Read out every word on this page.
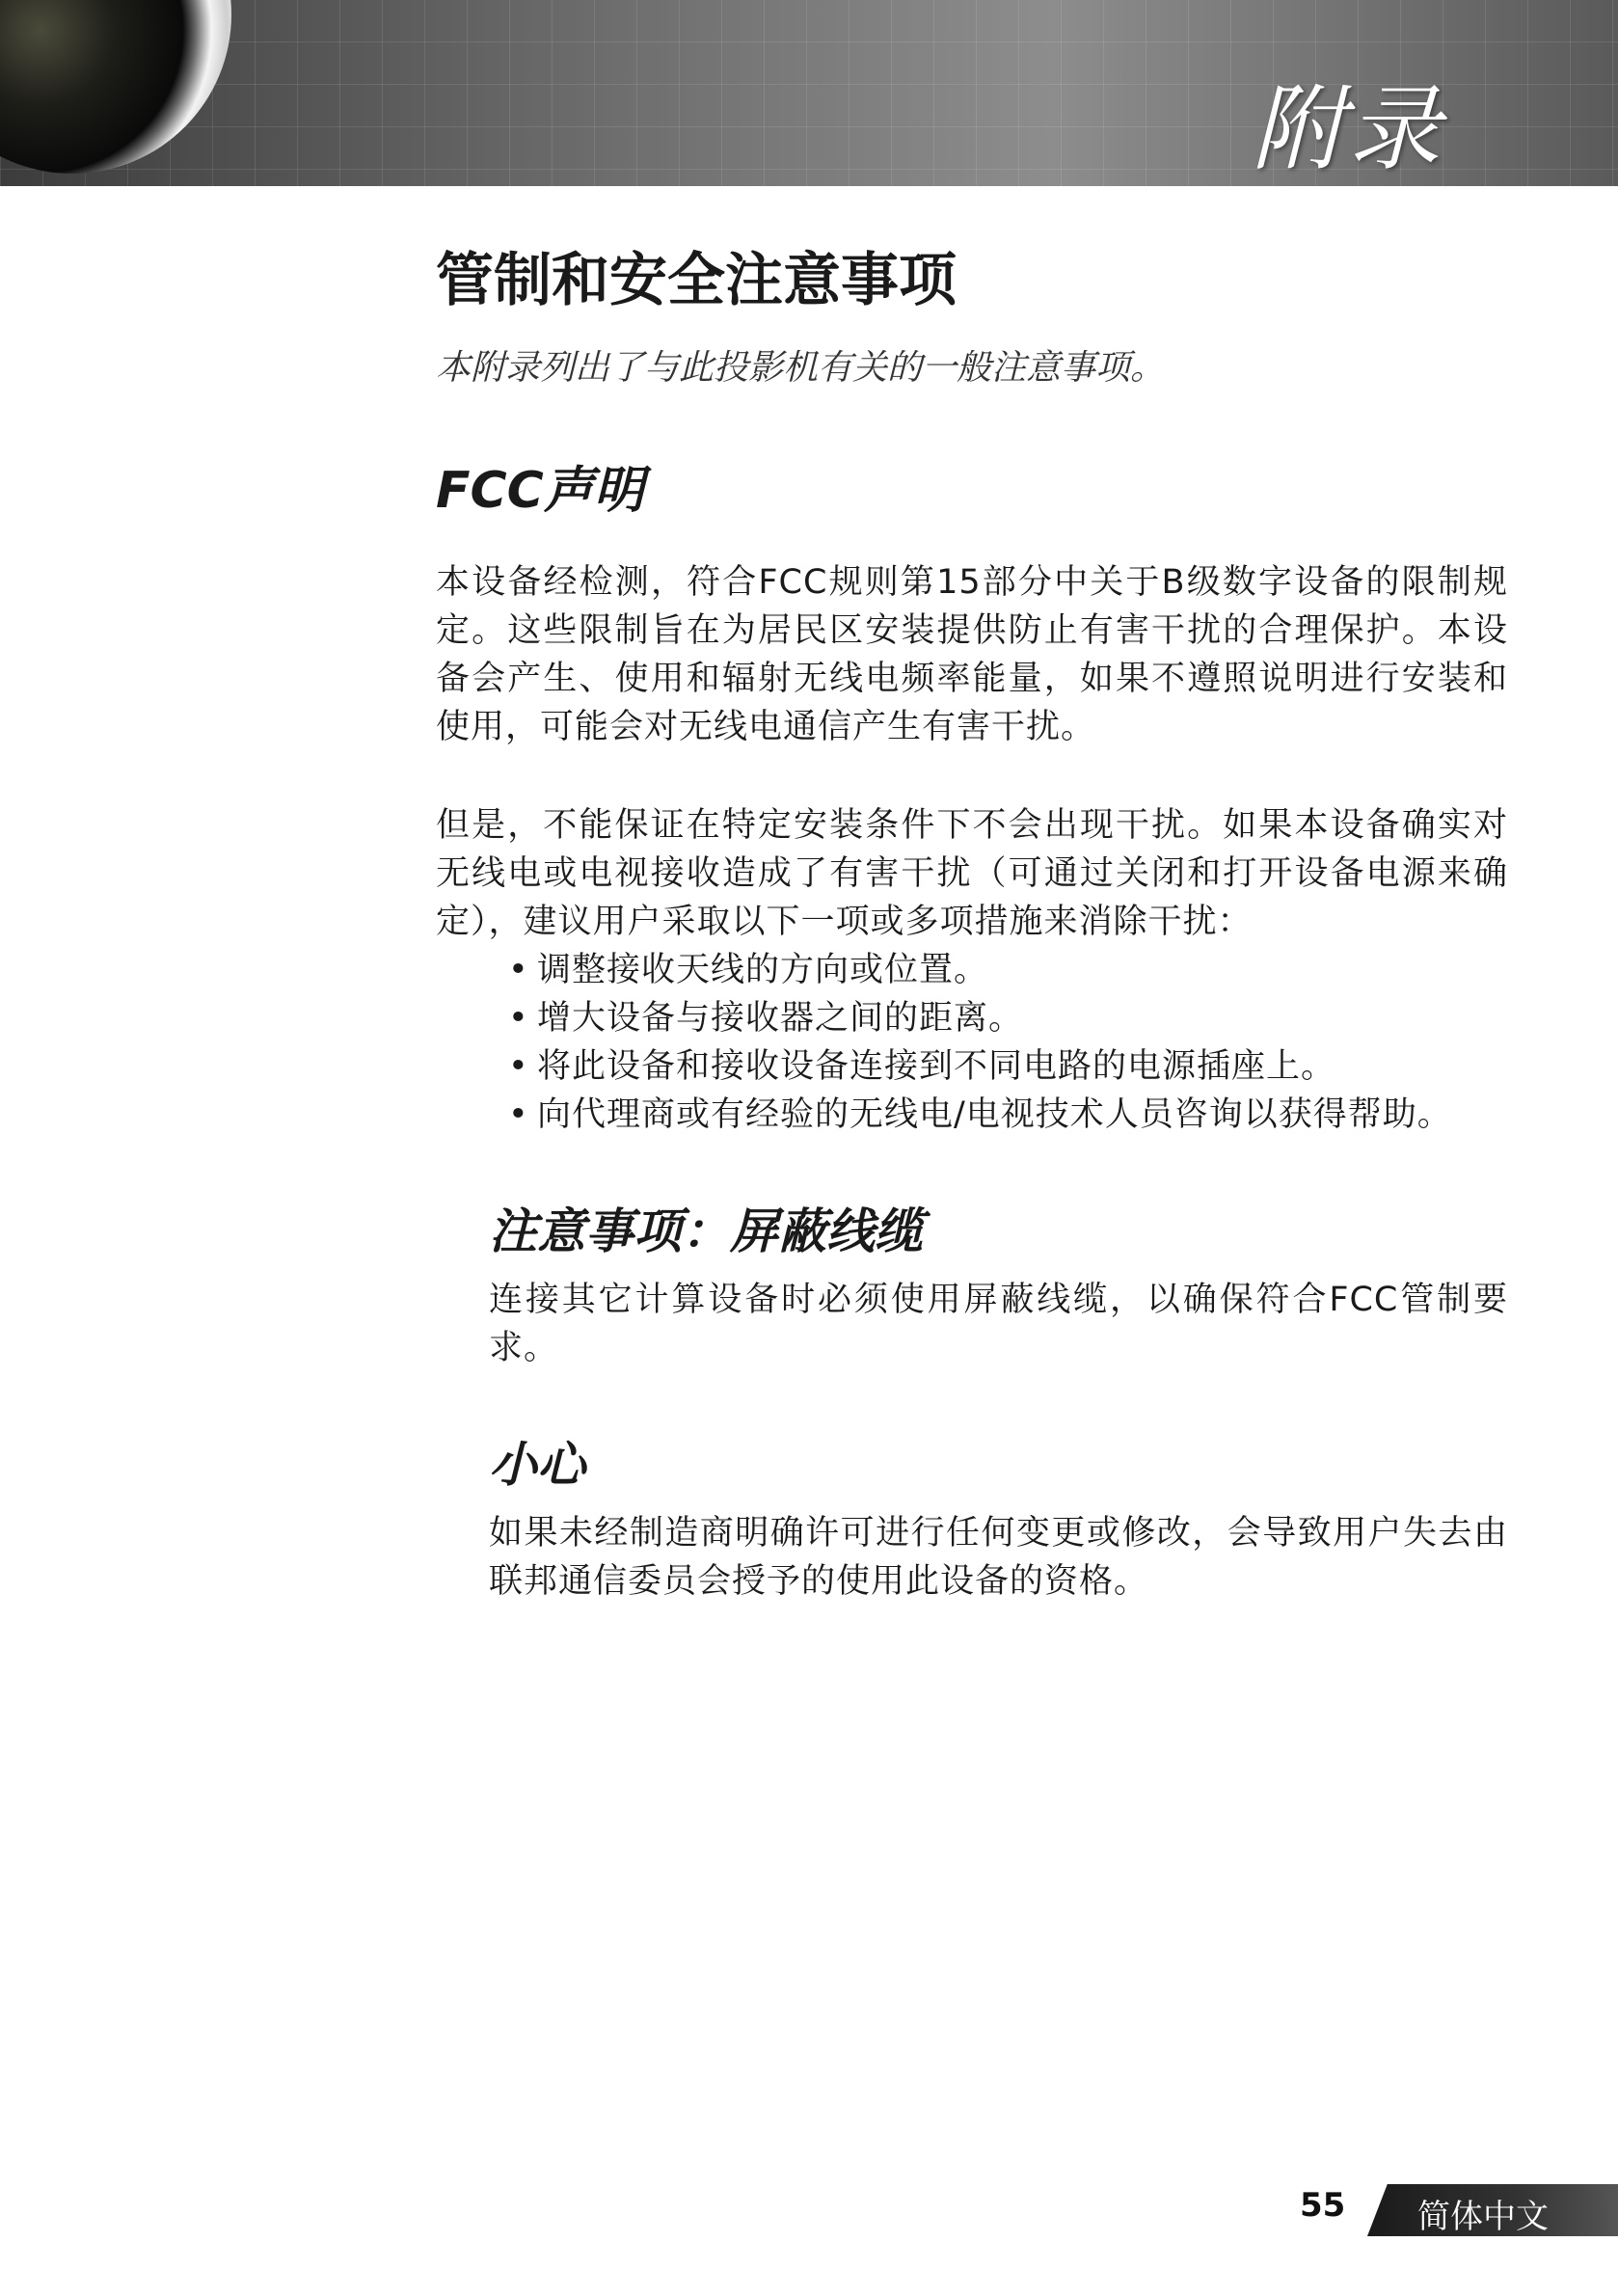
附录
管制和安全注意事项
本附录列出了与此投影机有关的一般注意事项。
FCC声明

本设备经检测，符合FCC规则第15部分中关于B级数字设备的限制规定。这些限制旨在为居民区安装提供防止有害干扰的合理保护。本设备会产生、使用和辐射无线电频率能量，如果不遵照说明进行安装和使用，可能会对无线电通信产生有害干扰。

但是，不能保证在特定安装条件下不会出现干扰。如果本设备确实对无线电或电视接收造成了有害干扰（可通过关闭和打开设备电源来确定），建议用户采取以下一项或多项措施来消除干扰：

• 调整接收天线的方向或位置。
• 增大设备与接收器之间的距离。
• 将此设备和接收设备连接到不同电路的电源插座上。
• 向代理商或有经验的无线电/电视技术人员咨询以获得帮助。
注意事项：屏蔽线缆

连接其它计算设备时必须使用屏蔽线缆，以确保符合FCC管制要求。

小心

如果未经制造商明确许可进行任何变更或修改，会导致用户失去由联邦通信委员会授予的使用此设备的资格。

55 简体中文
